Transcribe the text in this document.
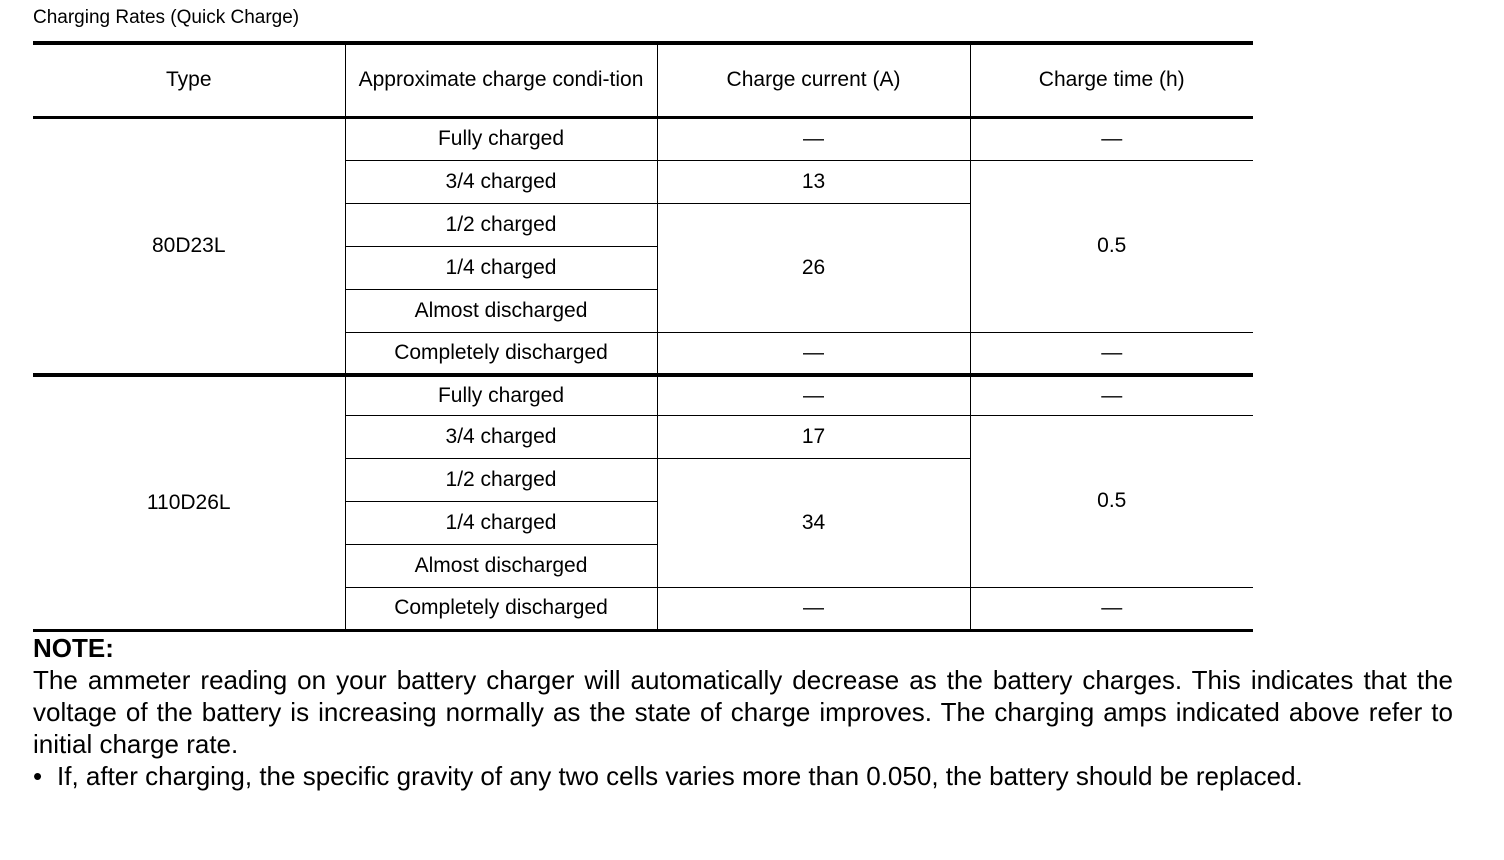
Charging Rates (Quick Charge)
Type	Approximate charge condi-tion	Charge current (A)	Charge time (h)
80D23L	Fully charged	—	—
	3/4 charged	13	0.5
	1/2 charged	26	
	1/4 charged		
	Almost discharged		
	Completely discharged	—	—
110D26L	Fully charged	—	—
	3/4 charged	17	0.5
	1/2 charged	34	
	1/4 charged		
	Almost discharged		
	Completely discharged	—	—
NOTE:
The ammeter reading on your battery charger will automatically decrease as the battery charges. This indicates that the voltage of the battery is increasing normally as the state of charge improves. The charging amps indicated above refer to initial charge rate.
• If, after charging, the specific gravity of any two cells varies more than 0.050, the battery should be replaced.
